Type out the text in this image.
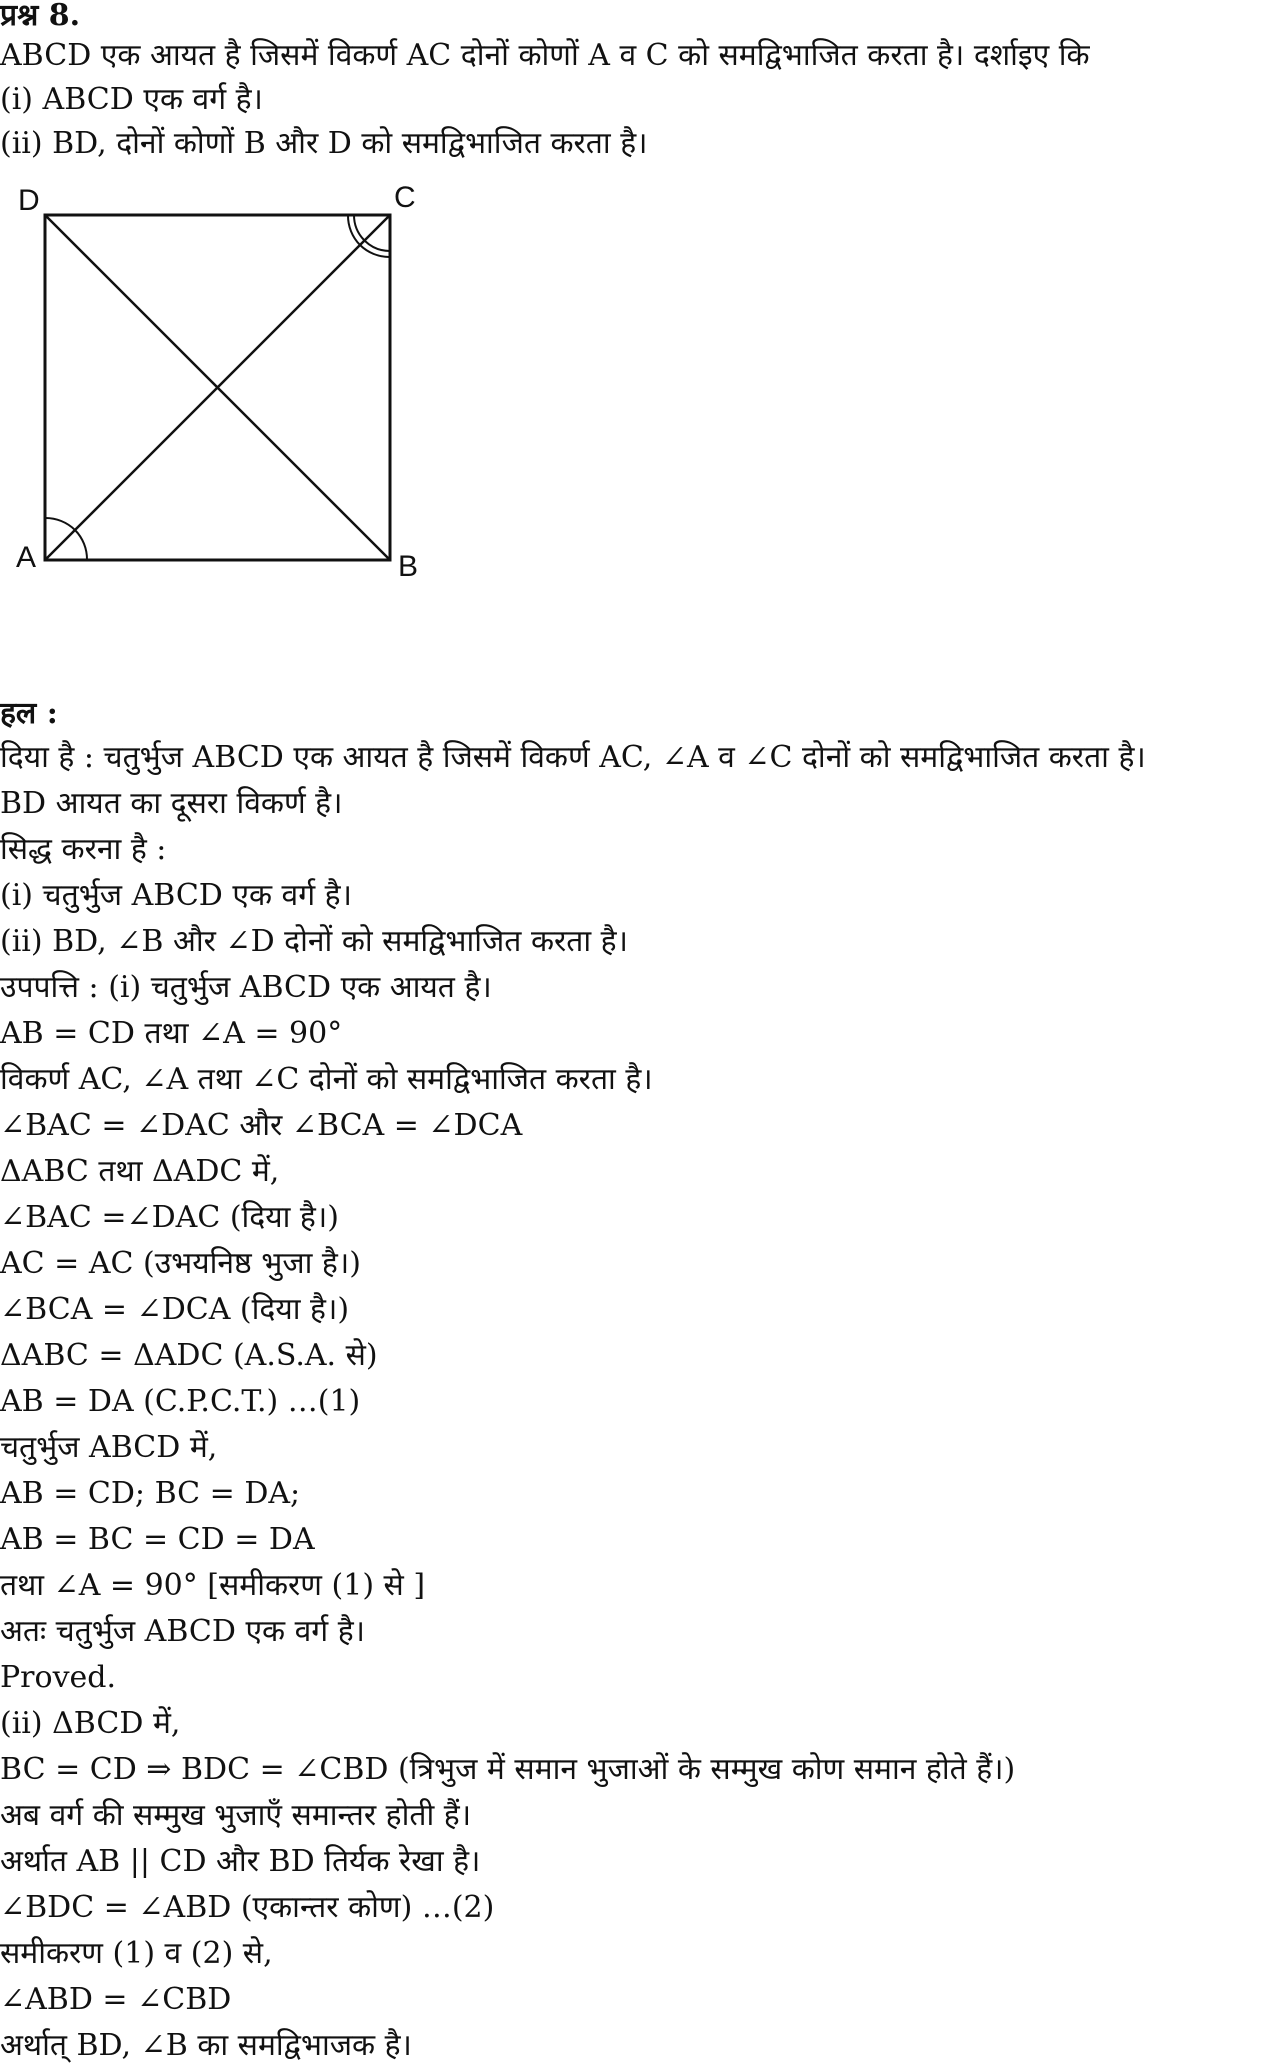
प्रश्न 8.
ABCD एक आयत है जिसमें विकर्ण AC दोनों कोणों A व C को समद्विभाजित करता है। दर्शाइए कि
(i) ABCD एक वर्ग है।
(ii) BD, दोनों कोणों B और D को समद्विभाजित करता है।
D	C
A	B
हल :
दिया है : चतुर्भुज ABCD एक आयत है जिसमें विकर्ण AC, ∠A व ∠C दोनों को समद्विभाजित करता है।
BD आयत का दूसरा विकर्ण है।
सिद्ध करना है :
(i) चतुर्भुज ABCD एक वर्ग है।
(ii) BD, ∠B और ∠D दोनों को समद्विभाजित करता है।
उपपत्ति : (i) चतुर्भुज ABCD एक आयत है।
AB = CD तथा ∠A = 90°
विकर्ण AC, ∠A तथा ∠C दोनों को समद्विभाजित करता है।
∠BAC = ∠DAC और ∠BCA = ∠DCA
ΔABC तथा ΔADC में,
∠BAC =∠DAC (दिया है।)
AC = AC (उभयनिष्ठ भुजा है।)
∠BCA = ∠DCA (दिया है।)
ΔABC = ΔADC (A.S.A. से)
AB = DA (C.P.C.T.) …(1)
चतुर्भुज ABCD में,
AB = CD; BC = DA;
AB = BC = CD = DA
तथा ∠A = 90° [समीकरण (1) से ]
अतः चतुर्भुज ABCD एक वर्ग है।
Proved.
(ii) ΔBCD में,
BC = CD ⇒ BDC = ∠CBD (त्रिभुज में समान भुजाओं के सम्मुख कोण समान होते हैं।)
अब वर्ग की सम्मुख भुजाएँ समान्तर होती हैं।
अर्थात AB || CD और BD तिर्यक रेखा है।
∠BDC = ∠ABD (एकान्तर कोण) …(2)
समीकरण (1) व (2) से,
∠ABD = ∠CBD
अर्थात् BD, ∠B का समद्विभाजक है।
